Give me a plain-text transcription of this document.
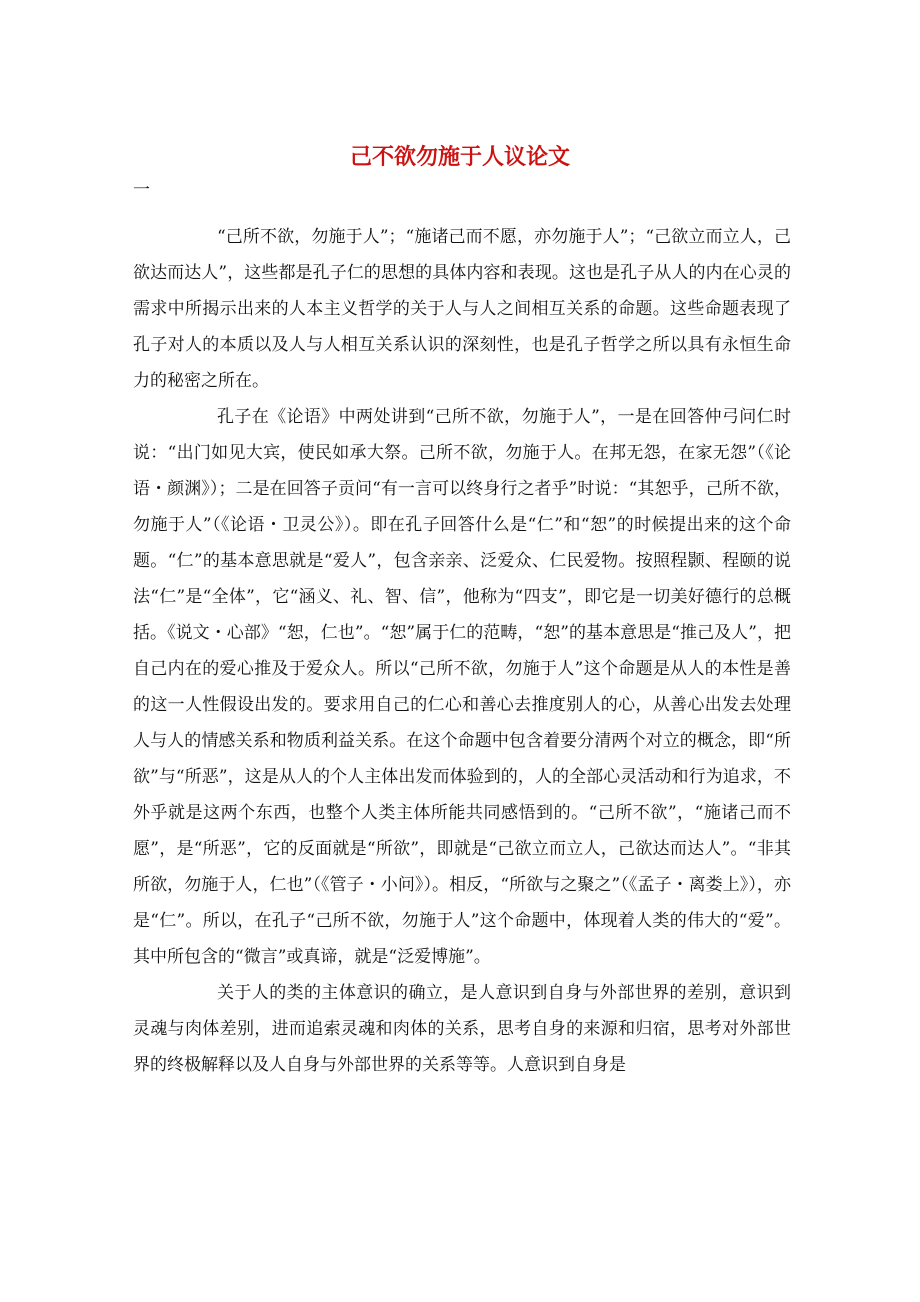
己不欲勿施于人议论文
一

“己所不欲，勿施于人”；“施诸己而不愿，亦勿施于人”；“己欲立而立人，己欲达而达人”，这些都是孔子仁的思想的具体内容和表现。这也是孔子从人的内在心灵的需求中所揭示出来的人本主义哲学的关于人与人之间相互关系的命题。这些命题表现了孔子对人的本质以及人与人相互关系认识的深刻性，也是孔子哲学之所以具有永恒生命力的秘密之所在。

孔子在《论语》中两处讲到“己所不欲，勿施于人”，一是在回答仲弓问仁时说：“出门如见大宾，使民如承大祭。己所不欲，勿施于人。在邦无怨，在家无怨”（《论语・颜渊》）；二是在回答子贡问“有一言可以终身行之者乎”时说：“其恕乎，己所不欲，勿施于人”（《论语・卫灵公》）。即在孔子回答什么是“仁”和“恕”的时候提出来的这个命题。“仁”的基本意思就是“爱人”，包含亲亲、泛爱众、仁民爱物。按照程颢、程颐的说法“仁”是“全体”，它“涵义、礼、智、信”，他称为“四支”，即它是一切美好德行的总概括。《说文・心部》“恕，仁也”。“恕”属于仁的范畴，“恕”的基本意思是“推己及人”，把自己内在的爱心推及于爱众人。所以“己所不欲，勿施于人”这个命题是从人的本性是善的这一人性假设出发的。要求用自己的仁心和善心去推度别人的心，从善心出发去处理人与人的情感关系和物质利益关系。在这个命题中包含着要分清两个对立的概念，即“所欲”与“所恶”，这是从人的个人主体出发而体验到的，人的全部心灵活动和行为追求，不外乎就是这两个东西，也整个人类主体所能共同感悟到的。“己所不欲”，“施诸己而不愿”，是“所恶”，它的反面就是“所欲”，即就是“己欲立而立人，己欲达而达人”。“非其所欲，勿施于人，仁也”（《管子・小问》）。相反，“所欲与之聚之”（《孟子・离娄上》），亦是“仁”。所以，在孔子“己所不欲，勿施于人”这个命题中，体现着人类的伟大的“爱”。其中所包含的“微言”或真谛，就是“泛爱博施”。

关于人的类的主体意识的确立，是人意识到自身与外部世界的差别，意识到灵魂与肉体差别，进而追索灵魂和肉体的关系，思考自身的来源和归宿，思考对外部世界的终极解释以及人自身与外部世界的关系等等。人意识到自身是
